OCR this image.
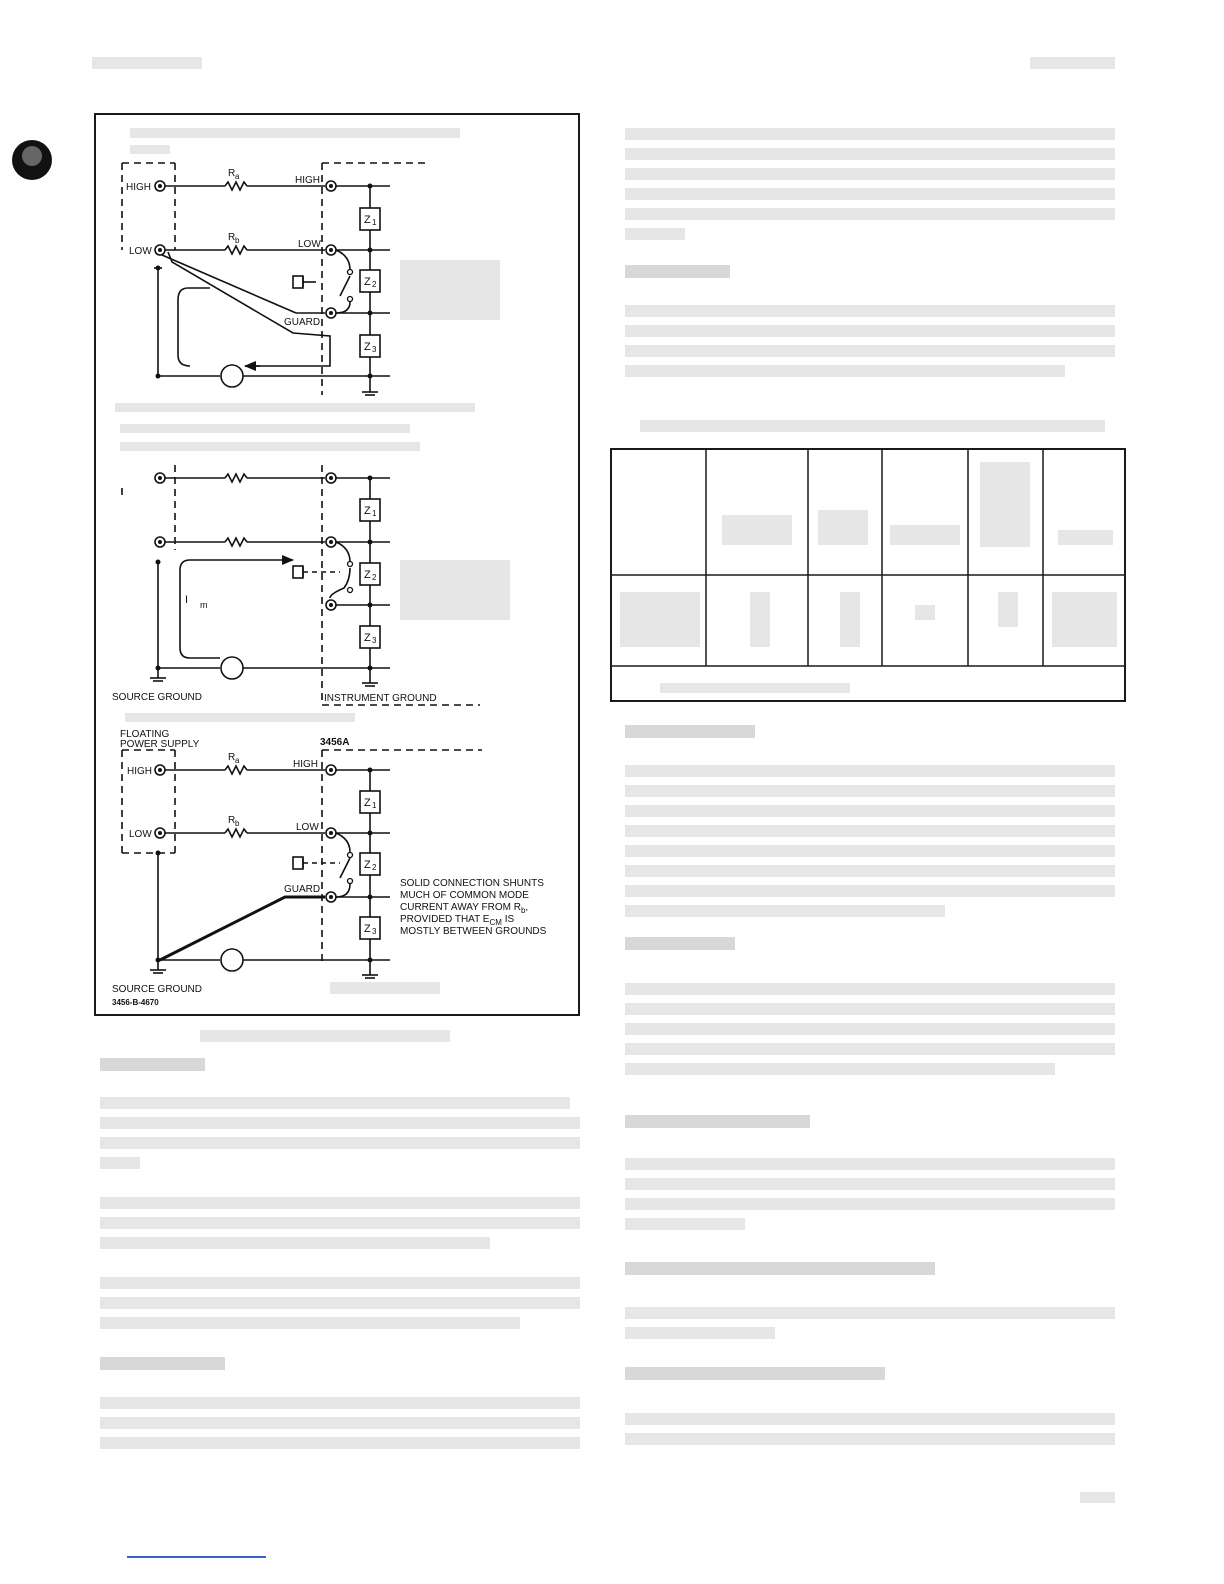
HIGH
LOW
R a
R b
HIGH
LOW
GUARD
Z 1
Z 2
Z 3
I m
Z 1
Z 2
Z 3
SOURCE GROUND	INSTRUMENT GROUND
FLOATING
POWER SUPPLY	3456A
HIGH
LOW
R a
R b
HIGH
LOW
GUARD
Z 1
Z 2
Z 3
SOLID CONNECTION SHUNTS
MUCH OF COMMON MODE
CURRENT AWAY FROM $R_b$,
PROVIDED THAT $E_{CM}$ IS
MOSTLY BETWEEN GROUNDS
SOURCE GROUND
3456-B-4670
